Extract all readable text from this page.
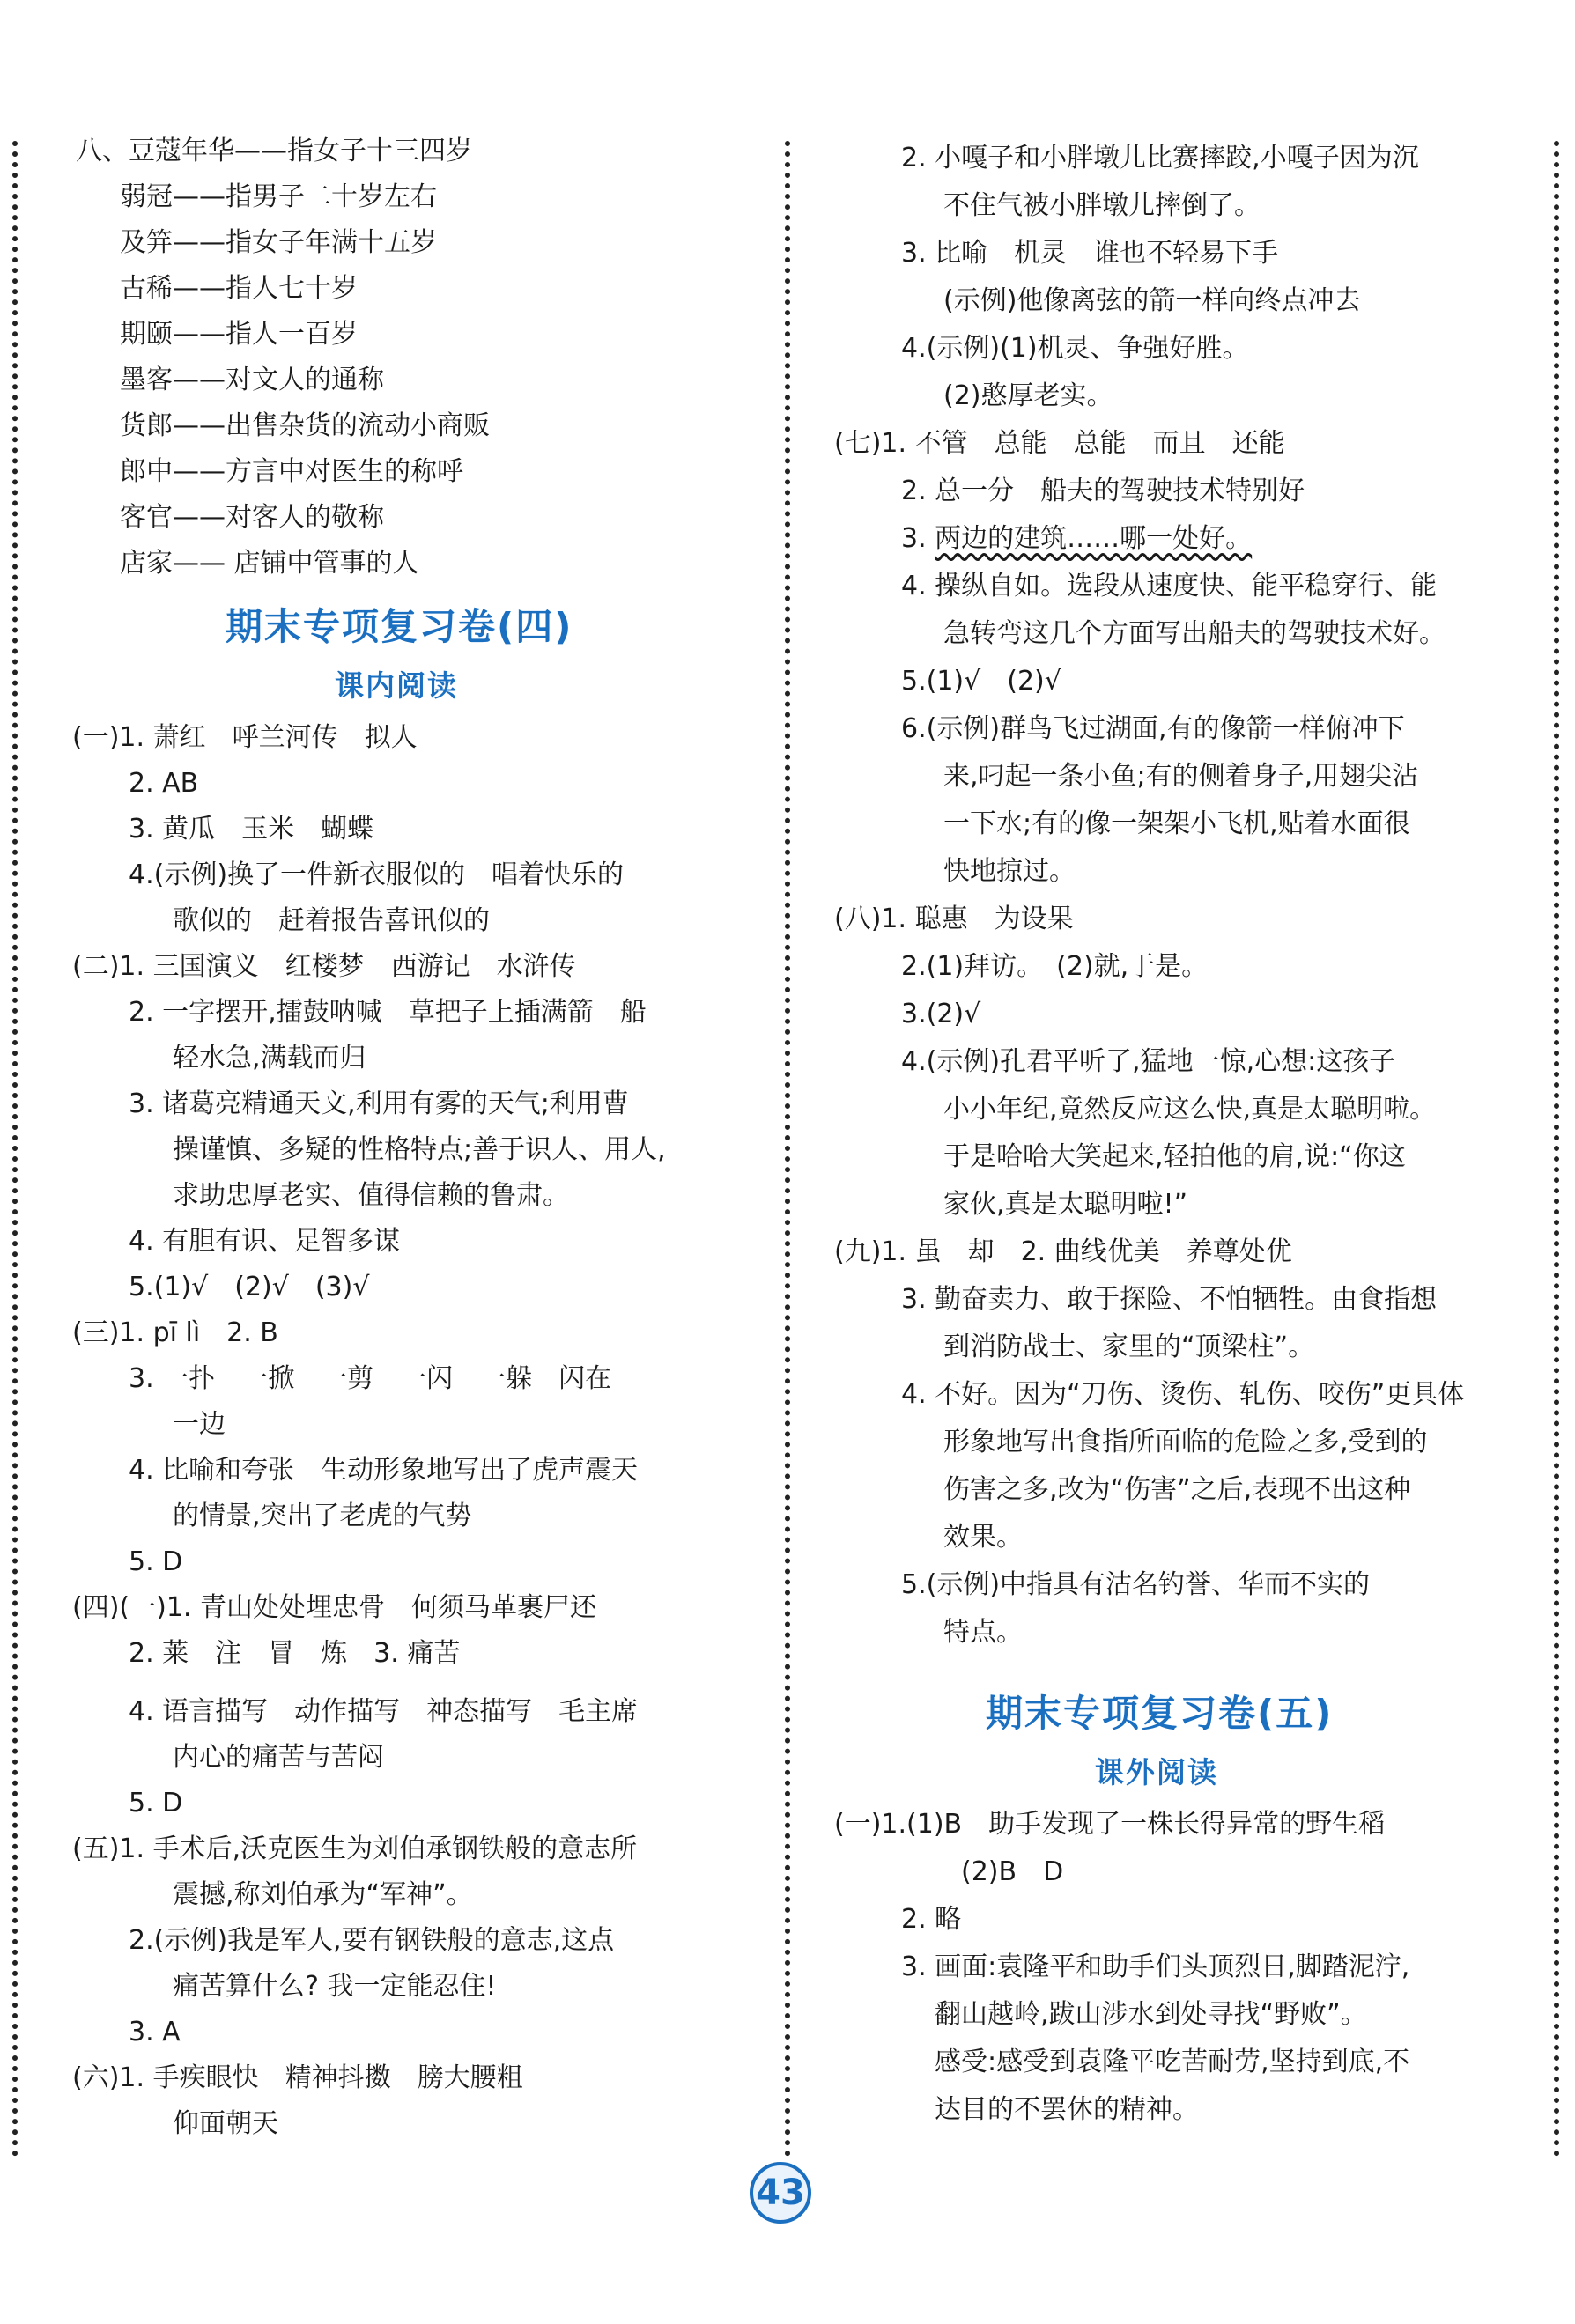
八、豆蔻年华——指女子十三四岁
弱冠——指男子二十岁左右
及笄——指女子年满十五岁
古稀——指人七十岁
期颐——指人一百岁
墨客——对文人的通称
货郎——出售杂货的流动小商贩
郎中——方言中对医生的称呼
客官——对客人的敬称
店家—— 店铺中管事的人
期末专项复习卷(四)
课内阅读
(一)1. 萧红　呼兰河传　拟人
2. AB
3. 黄瓜　玉米　蝴蝶
4.(示例)换了一件新衣服似的　唱着快乐的
歌似的　赶着报告喜讯似的
(二)1. 三国演义　红楼梦　西游记　水浒传
2. 一字摆开,擂鼓呐喊　草把子上插满箭　船
轻水急,满载而归
3. 诸葛亮精通天文,利用有雾的天气;利用曹
操谨慎、多疑的性格特点;善于识人、用人,
求助忠厚老实、值得信赖的鲁肃。
4. 有胆有识、足智多谋
5.(1)√　(2)√　(3)√
(三)1. pī lì　2. B
3. 一扑　一掀　一剪　一闪　一躲　闪在
一边
4. 比喻和夸张　生动形象地写出了虎声震天
的情景,突出了老虎的气势
5. D
(四)(一)1. 青山处处埋忠骨　何须马革裹尸还
2. 莱　注　冒　炼　3. 痛苦
4. 语言描写　动作描写　神态描写　毛主席
内心的痛苦与苦闷
5. D
(五)1. 手术后,沃克医生为刘伯承钢铁般的意志所
震撼,称刘伯承为“军神”。
2.(示例)我是军人,要有钢铁般的意志,这点
痛苦算什么? 我一定能忍住!
3. A
(六)1. 手疾眼快　精神抖擞　膀大腰粗
仰面朝天
2. 小嘎子和小胖墩儿比赛摔跤,小嘎子因为沉
不住气被小胖墩儿摔倒了。
3. 比喻　机灵　谁也不轻易下手
(示例)他像离弦的箭一样向终点冲去
4.(示例)(1)机灵、争强好胜。
(2)憨厚老实。
(七)1. 不管　总能　总能　而且　还能
2. 总一分　船夫的驾驶技术特别好
3. 两边的建筑……哪一处好。
4. 操纵自如。选段从速度快、能平稳穿行、能
急转弯这几个方面写出船夫的驾驶技术好。
5.(1)√　(2)√
6.(示例)群鸟飞过湖面,有的像箭一样俯冲下
来,叼起一条小鱼;有的侧着身子,用翅尖沾
一下水;有的像一架架小飞机,贴着水面很
快地掠过。
(八)1. 聪惠　为设果
2.(1)拜访。　(2)就,于是。
3.(2)√
4.(示例)孔君平听了,猛地一惊,心想:这孩子
小小年纪,竟然反应这么快,真是太聪明啦。
于是哈哈大笑起来,轻拍他的肩,说:“你这
家伙,真是太聪明啦!”
(九)1. 虽　却　2. 曲线优美　养尊处优
3. 勤奋卖力、敢于探险、不怕牺牲。由食指想
到消防战士、家里的“顶梁柱”。
4. 不好。因为“刀伤、烫伤、轧伤、咬伤”更具体
形象地写出食指所面临的危险之多,受到的
伤害之多,改为“伤害”之后,表现不出这种
效果。
5.(示例)中指具有沽名钓誉、华而不实的
特点。
期末专项复习卷(五)
课外阅读
(一)1.(1)B　助手发现了一株长得异常的野生稻
(2)B　D
2. 略
3. 画面:袁隆平和助手们头顶烈日,脚踏泥泞,
翻山越岭,跋山涉水到处寻找“野败”。
感受:感受到袁隆平吃苦耐劳,坚持到底,不
达目的不罢休的精神。
43
